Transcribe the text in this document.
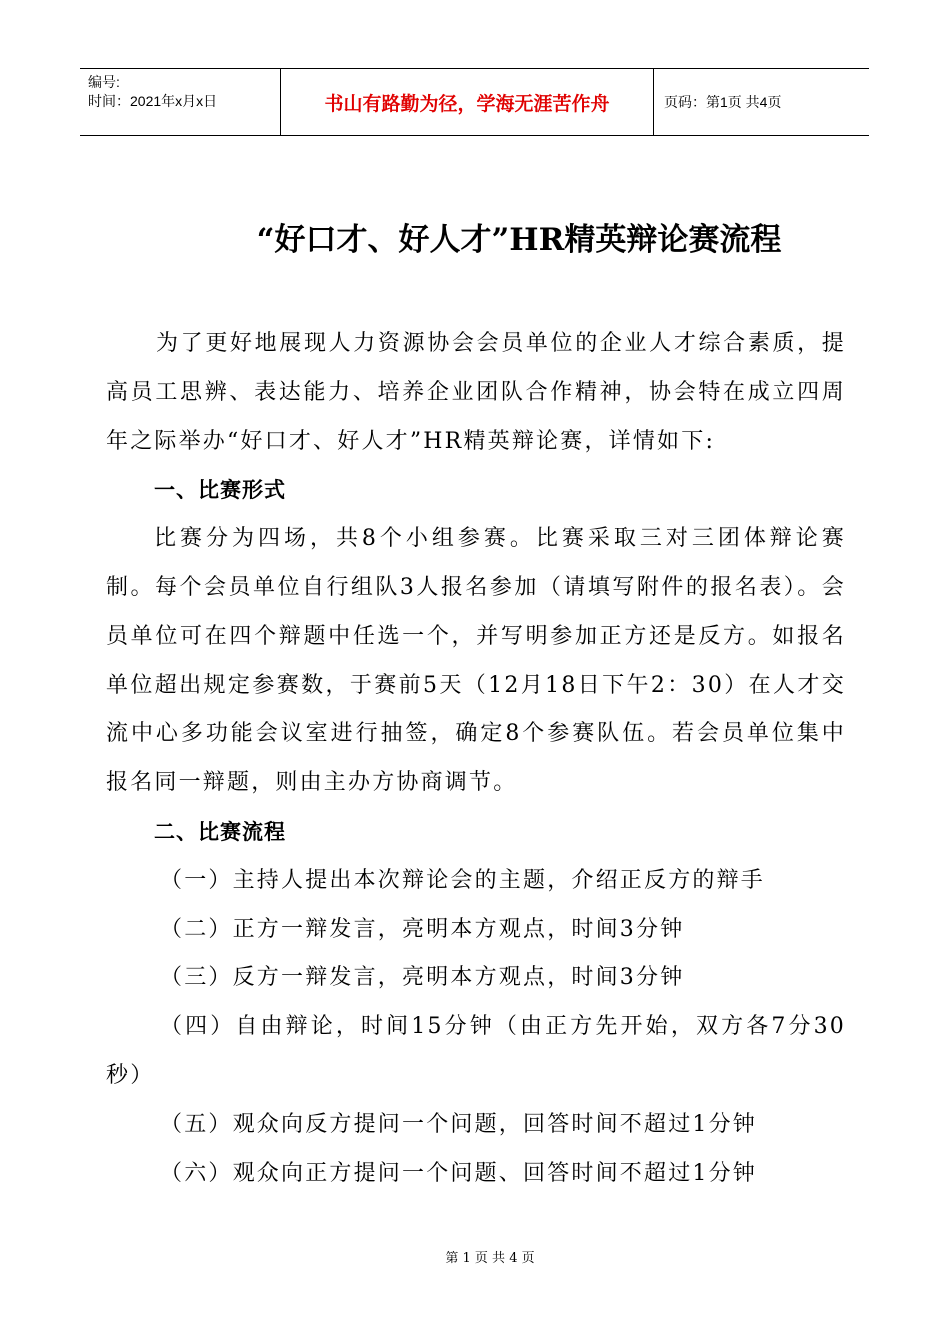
编号:
时间：2021年x月x日	书山有路勤为径，学海无涯苦作舟	页码：第1页 共4页
“好口才、好人才”HR精英辩论赛流程

为了更好地展现人力资源协会会员单位的企业人才综合素质，提高员工思辨、表达能力、培养企业团队合作精神，协会特在成立四周年之际举办“好口才、好人才”HR精英辩论赛，详情如下:

一、比赛形式

比赛分为四场，共8个小组参赛。比赛采取三对三团体辩论赛制。每个会员单位自行组队3人报名参加（请填写附件的报名表）。会员单位可在四个辩题中任选一个，并写明参加正方还是反方。如报名单位超出规定参赛数，于赛前5天（12月18日下午2：30）在人才交流中心多功能会议室进行抽签，确定8个参赛队伍。若会员单位集中报名同一辩题，则由主办方协商调节。

二、比赛流程

（一）主持人提出本次辩论会的主题，介绍正反方的辩手

（二）正方一辩发言，亮明本方观点，时间3分钟

（三）反方一辩发言，亮明本方观点，时间3分钟

（四）自由辩论，时间15分钟（由正方先开始，双方各7分30秒）

（五）观众向反方提问一个问题，回答时间不超过1分钟

（六）观众向正方提问一个问题、回答时间不超过1分钟

第 1 页 共 4 页
